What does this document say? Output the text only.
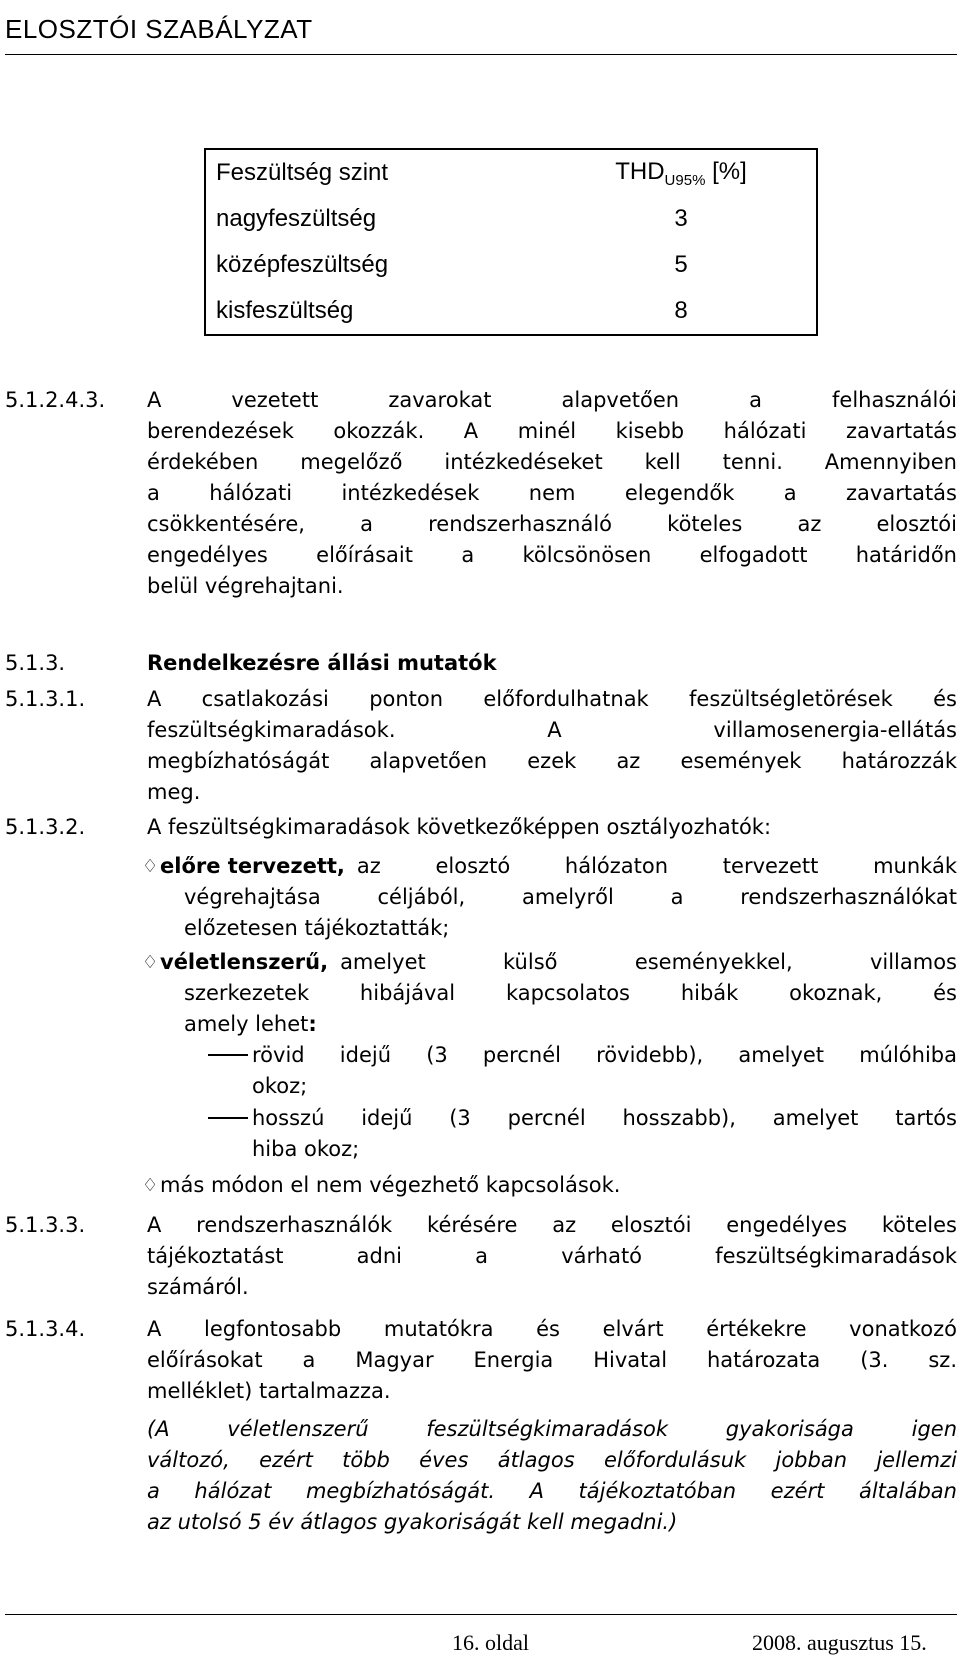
ELOSZTÓI SZABÁLYZAT
Feszültség szint	$THD_{U95\%}$ [%]
nagyfeszültség	3
középfeszültség	5
kisfeszültség	8
5.1.2.4.3. A vezetett zavarokat alapvetően a felhasználói
berendezések okozzák. A minél kisebb hálózati zavartatás
érdekében megelőző intézkedéseket kell tenni. Amennyiben
a hálózati intézkedések nem elegendők a zavartatás
csökkentésére, a rendszerhasználó köteles az elosztói
engedélyes előírásait a kölcsönösen elfogadott határidőn
belül végrehajtani.
5.1.3.	Rendelkezésre állási mutatók
5.1.3.1.	A csatlakozási ponton előfordulhatnak feszültségletörések és
feszültségkimaradások. A villamosenergia-ellátás
megbízhatóságát alapvetően ezek az események határozzák
meg.
5.1.3.2.	A feszültségkimaradások következőképpen osztályozhatók:
♢ előre tervezett, az elosztó hálózaton tervezett munkák
végrehajtása céljából, amelyről a rendszerhasználókat
előzetesen tájékoztatták;
♢ véletlenszerű, amelyet külső eseményekkel, villamos
szerkezetek hibájával kapcsolatos hibák okoznak, és
amely lehet:
rövid idejű (3 percnél rövidebb), amelyet múlóhiba
okoz;
hosszú idejű (3 percnél hosszabb), amelyet tartós
hiba okoz;
♢ más módon el nem végezhető kapcsolások.
5.1.3.3.	A rendszerhasználók kérésére az elosztói engedélyes köteles
tájékoztatást adni a várható feszültségkimaradások
számáról.
5.1.3.4.	A legfontosabb mutatókra és elvárt értékekre vonatkozó
előírásokat a Magyar Energia Hivatal határozata (3. sz.
melléklet) tartalmazza.
(A véletlenszerű feszültségkimaradások gyakorisága igen
változó, ezért több éves átlagos előfordulásuk jobban jellemzi
a hálózat megbízhatóságát. A tájékoztatóban ezért általában
az utolsó 5 év átlagos gyakoriságát kell megadni.)
16. oldal	2008. augusztus 15.
